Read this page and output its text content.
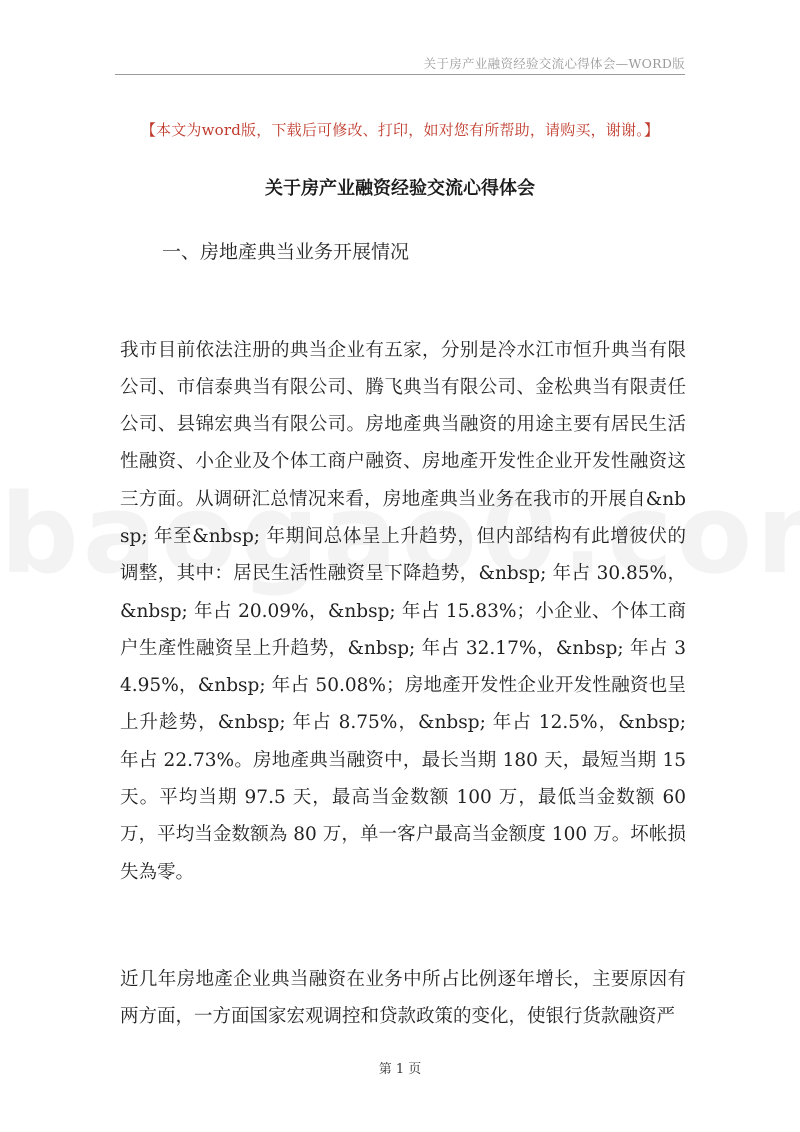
关于房产业融资经验交流心得体会—WORD版
【本文为word版，下载后可修改、打印，如对您有所帮助，请购买，谢谢。】
关于房产业融资经验交流心得体会
一、房地產典当业务开展情况

我市目前依法注册的典当企业有五家，分别是冷水江市恒升典当有限公司、市信泰典当有限公司、腾飞典当有限公司、金松典当有限责任公司、县锦宏典当有限公司。房地產典当融资的用途主要有居民生活性融资、小企业及个体工商户融资、房地產开发性企业开发性融资这三方面。从调研汇总情况来看，房地產典当业务在我市的开展自&nbsp; 年至&nbsp; 年期间总体呈上升趋势，但内部结构有此增彼伏的调整，其中：居民生活性融资呈下降趋势，&nbsp; 年占 30.85%，&nbsp; 年占 20.09%，&nbsp; 年占 15.83%；小企业、个体工商户生產性融资呈上升趋势，&nbsp; 年占 32.17%，&nbsp; 年占 34.95%，&nbsp; 年占 50.08%；房地產开发性企业开发性融资也呈上升趁势，&nbsp; 年占 8.75%，&nbsp; 年占 12.5%，&nbsp; 年占 22.73%。房地產典当融资中，最长当期 180 天，最短当期 15 天。平均当期 97.5 天，最高当金数额 100 万，最低当金数额 60 万，平均当金数额為 80 万，单一客户最高当金额度 100 万。坏帐损失為零。

近几年房地產企业典当融资在业务中所占比例逐年增长，主要原因有两方面，一方面国家宏观调控和贷款政策的变化，使银行货款融资严

第 1 页
